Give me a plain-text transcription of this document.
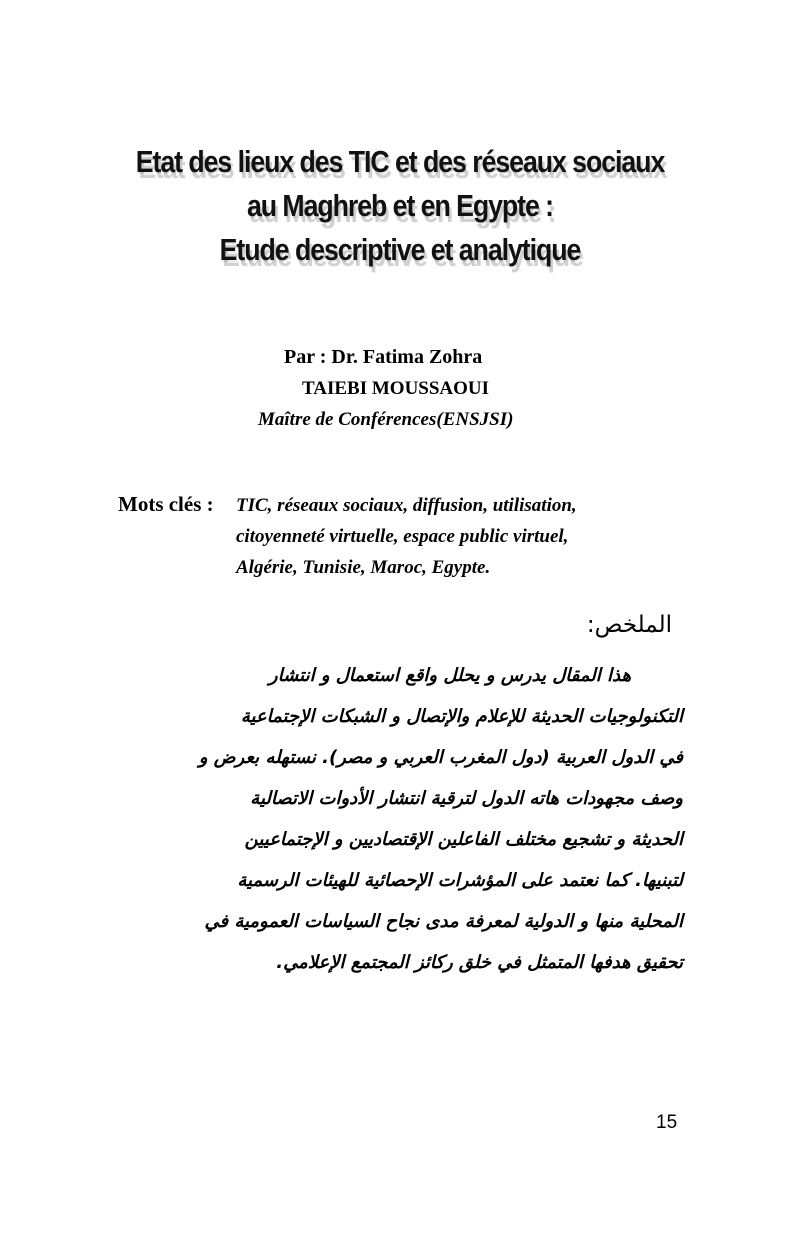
Etat des lieux des TIC et des réseaux sociaux
au Maghreb et en Egypte :
Etude descriptive et analytique
Par : Dr. Fatima Zohra
TAIEBI MOUSSAOUI
Maître de Conférences(ENSJSI)
Mots clés : TIC, réseaux sociaux, diffusion, utilisation,
citoyenneté virtuelle, espace public virtuel,
Algérie, Tunisie, Maroc, Egypte.
الملخص:
هذا المقال يدرس و يحلل واقع استعمال و انتشار
التكنولوجيات الحديثة للإعلام والإتصال و الشبكات الإجتماعية
في الدول العربية (دول المغرب العربي و مصر). نستهله بعرض و
وصف مجهودات هاته الدول لترقية انتشار الأدوات الاتصالية
الحديثة و تشجيع مختلف الفاعلين الإقتصاديين و الإجتماعيين
لتبنيها. كما نعتمد على المؤشرات الإحصائية للهيئات الرسمية
المحلية منها و الدولية لمعرفة مدى نجاح السياسات العمومية في
تحقيق هدفها المتمثل في خلق ركائز المجتمع الإعلامي.
15
